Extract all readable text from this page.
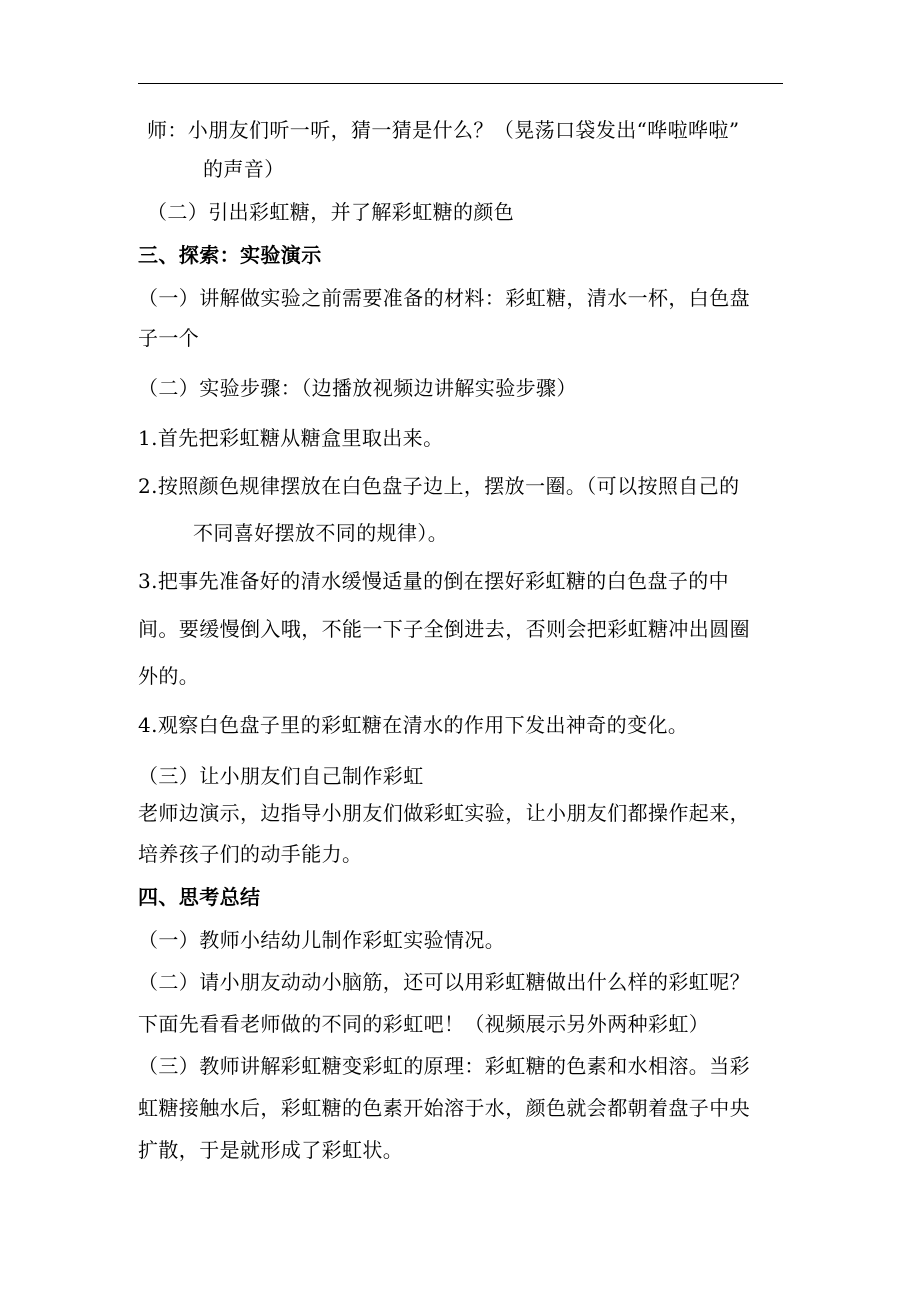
师：小朋友们听一听，猜一猜是什么？（晃荡口袋发出“哗啦哗啦”
的声音）
（二）引出彩虹糖，并了解彩虹糖的颜色
三、探索：实验演示
（一）讲解做实验之前需要准备的材料：彩虹糖，清水一杯，白色盘
子一个
（二）实验步骤：（边播放视频边讲解实验步骤）
1.首先把彩虹糖从糖盒里取出来。
2.按照颜色规律摆放在白色盘子边上，摆放一圈。（可以按照自己的
不同喜好摆放不同的规律）。
3.把事先准备好的清水缓慢适量的倒在摆好彩虹糖的白色盘子的中
间。要缓慢倒入哦，不能一下子全倒进去，否则会把彩虹糖冲出圆圈
外的。
4.观察白色盘子里的彩虹糖在清水的作用下发出神奇的变化。
（三）让小朋友们自己制作彩虹
老师边演示，边指导小朋友们做彩虹实验，让小朋友们都操作起来，
培养孩子们的动手能力。
四、思考总结
（一）教师小结幼儿制作彩虹实验情况。
（二）请小朋友动动小脑筋，还可以用彩虹糖做出什么样的彩虹呢？
下面先看看老师做的不同的彩虹吧！（视频展示另外两种彩虹）
（三）教师讲解彩虹糖变彩虹的原理：彩虹糖的色素和水相溶。当彩
虹糖接触水后，彩虹糖的色素开始溶于水，颜色就会都朝着盘子中央
扩散，于是就形成了彩虹状。
